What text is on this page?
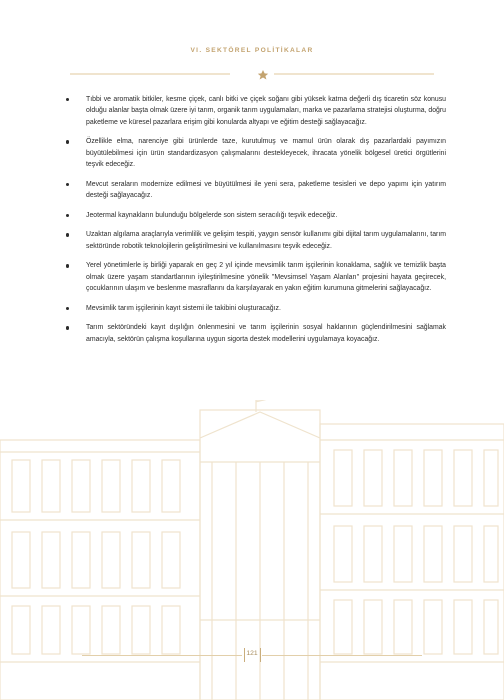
VI. SEKTÖREL POLİTİKALAR
Tıbbi ve aromatik bitkiler, kesme çiçek, canlı bitki ve çiçek soğanı gibi yüksek katma değerli dış ticaretin söz konusu olduğu alanlar başta olmak üzere iyi tarım, organik tarım uygulamaları, marka ve pazarlama stratejisi oluşturma, doğru paketleme ve küresel pazarlara erişim gibi konularda altyapı ve eğitim desteği sağlayacağız.
Özellikle elma, narenciye gibi ürünlerde taze, kurutulmuş ve mamul ürün olarak dış pazarlardaki payımızın büyütülebilmesi için ürün standardizasyon çalışmalarını destekleyecek, ihracata yönelik bölgesel üretici örgütlerini teşvik edeceğiz.
Mevcut seraların modernize edilmesi ve büyütülmesi ile yeni sera, paketleme tesisleri ve depo yapımı için yatırım desteği sağlayacağız.
Jeotermal kaynakların bulunduğu bölgelerde son sistem seracılığı teşvik edeceğiz.
Uzaktan algılama araçlarıyla verimlilik ve gelişim tespiti, yaygın sensör kullanımı gibi dijital tarım uygulamalarını, tarım sektöründe robotik teknolojilerin geliştirilmesini ve kullanılmasını teşvik edeceğiz.
Yerel yönetimlerle iş birliği yaparak en geç 2 yıl içinde mevsimlik tarım işçilerinin konaklama, sağlık ve temizlik başta olmak üzere yaşam standartlarının iyileştirilmesine yönelik "Mevsimsel Yaşam Alanları" projesini hayata geçirecek, çocuklarının ulaşım ve beslenme masraflarını da karşılayarak en yakın eğitim kurumuna gitmelerini sağlayacağız.
Mevsimlik tarım işçilerinin kayıt sistemi ile takibini oluşturacağız.
Tarım sektöründeki kayıt dışılığın önlenmesini ve tarım işçilerinin sosyal haklarının güçlendirilmesini sağlamak amacıyla, sektörün çalışma koşullarına uygun sigorta destek modellerini uygulamaya koyacağız.
121
